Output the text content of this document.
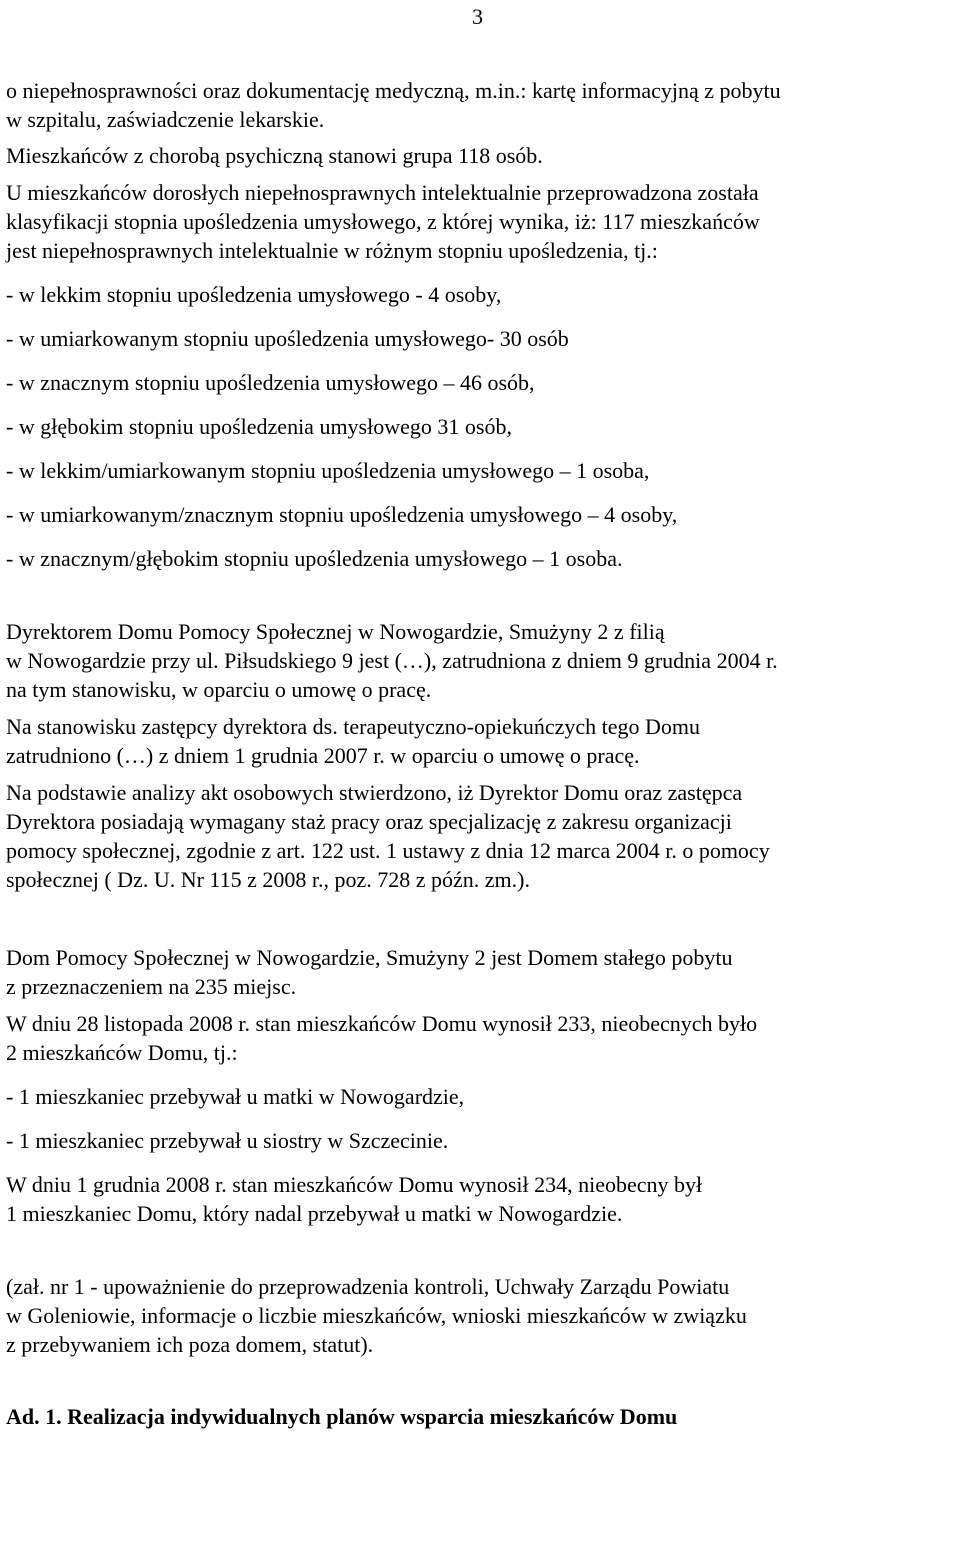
3

o niepełnosprawności oraz dokumentację medyczną, m.in.: kartę informacyjną z pobytu

w szpitalu, zaświadczenie lekarskie.

Mieszkańców z chorobą psychiczną stanowi grupa 118 osób.

U mieszkańców dorosłych niepełnosprawnych intelektualnie przeprowadzona została

klasyfikacji stopnia upośledzenia umysłowego, z której wynika, iż: 117 mieszkańców

jest niepełnosprawnych intelektualnie w różnym stopniu upośledzenia, tj.:

- w lekkim stopniu upośledzenia umysłowego - 4 osoby,

- w umiarkowanym stopniu upośledzenia umysłowego- 30 osób

- w znacznym stopniu upośledzenia umysłowego – 46 osób,

- w głębokim stopniu upośledzenia umysłowego 31 osób,

- w lekkim/umiarkowanym stopniu upośledzenia umysłowego – 1 osoba,

- w umiarkowanym/znacznym stopniu upośledzenia umysłowego – 4 osoby,

- w znacznym/głębokim stopniu upośledzenia umysłowego – 1 osoba.

Dyrektorem Domu Pomocy Społecznej w Nowogardzie, Smużyny 2 z filią

w Nowogardzie przy ul. Piłsudskiego 9 jest (…), zatrudniona z dniem 9 grudnia 2004 r.

na tym stanowisku, w oparciu o umowę o pracę.

Na stanowisku zastępcy dyrektora ds. terapeutyczno-opiekuńczych tego Domu

zatrudniono (…) z dniem 1 grudnia 2007 r. w oparciu o umowę o pracę.

Na podstawie analizy akt osobowych stwierdzono, iż Dyrektor Domu oraz zastępca

Dyrektora posiadają wymagany staż pracy oraz specjalizację z zakresu organizacji

pomocy społecznej, zgodnie z art. 122 ust. 1 ustawy z dnia 12 marca 2004 r. o pomocy

społecznej ( Dz. U. Nr 115 z 2008 r., poz. 728 z późn. zm.).

Dom Pomocy Społecznej w Nowogardzie, Smużyny 2 jest Domem stałego pobytu

z przeznaczeniem na 235 miejsc.

W dniu 28 listopada 2008 r. stan mieszkańców Domu wynosił 233, nieobecnych było

2 mieszkańców Domu, tj.:

- 1 mieszkaniec przebywał u matki w Nowogardzie,

- 1 mieszkaniec przebywał u siostry w Szczecinie.

W dniu 1 grudnia 2008 r. stan mieszkańców Domu wynosił 234, nieobecny był

1 mieszkaniec Domu, który nadal przebywał u matki w Nowogardzie.

(zał. nr 1 - upoważnienie do przeprowadzenia kontroli, Uchwały Zarządu Powiatu

w Goleniowie, informacje o liczbie mieszkańców, wnioski mieszkańców w związku

z przebywaniem ich poza domem, statut).

Ad. 1. Realizacja indywidualnych planów wsparcia mieszkańców Domu
